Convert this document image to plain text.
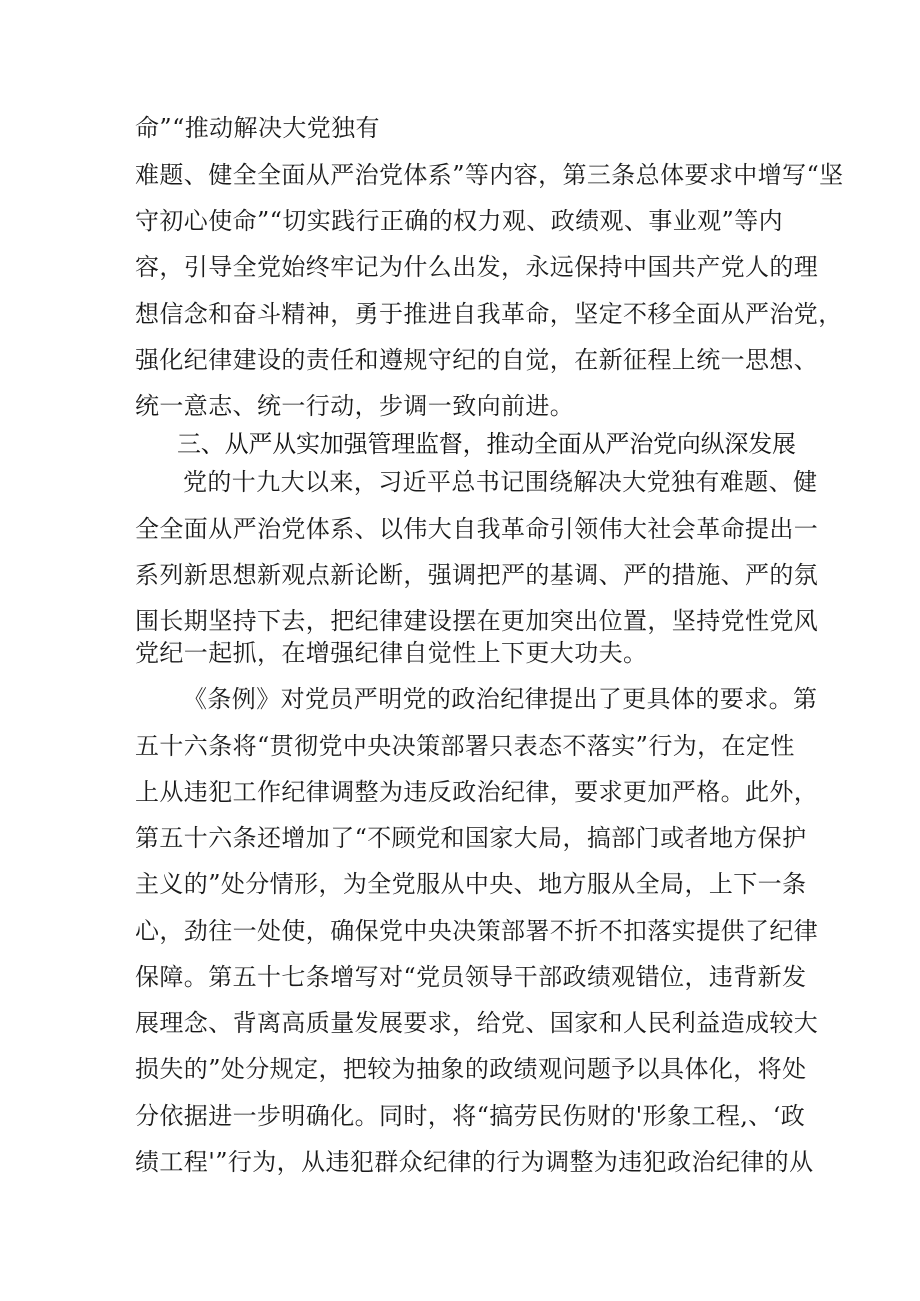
命”“推动解决大党独有
难题、健全全面从严治党体系”等内容，第三条总体要求中增写“坚
守初心使命”“切实践行正确的权力观、政绩观、事业观”等内
容，引导全党始终牢记为什么出发，永远保持中国共产党人的理
想信念和奋斗精神，勇于推进自我革命，坚定不移全面从严治党，
强化纪律建设的责任和遵规守纪的自觉，在新征程上统一思想、
统一意志、统一行动，步调一致向前进。
三、从严从实加强管理监督，推动全面从严治党向纵深发展
党的十九大以来，习近平总书记围绕解决大党独有难题、健
全全面从严治党体系、以伟大自我革命引领伟大社会革命提出一
系列新思想新观点新论断，强调把严的基调、严的措施、严的氛
围长期坚持下去，把纪律建设摆在更加突出位置，坚持党性党风
党纪一起抓，在增强纪律自觉性上下更大功夫。
《条例》对党员严明党的政治纪律提出了更具体的要求。第
五十六条将“贯彻党中央决策部署只表态不落实”行为，在定性
上从违犯工作纪律调整为违反政治纪律，要求更加严格。此外，
第五十六条还增加了“不顾党和国家大局，搞部门或者地方保护
主义的”处分情形，为全党服从中央、地方服从全局，上下一条
心，劲往一处使，确保党中央决策部署不折不扣落实提供了纪律
保障。第五十七条增写对“党员领导干部政绩观错位，违背新发
展理念、背离高质量发展要求，给党、国家和人民利益造成较大
损失的”处分规定，把较为抽象的政绩观问题予以具体化，将处
分依据进一步明确化。同时，将“搞劳民伤财的'形象工程,、‘政
绩工程'”行为，从违犯群众纪律的行为调整为违犯政治纪律的从
